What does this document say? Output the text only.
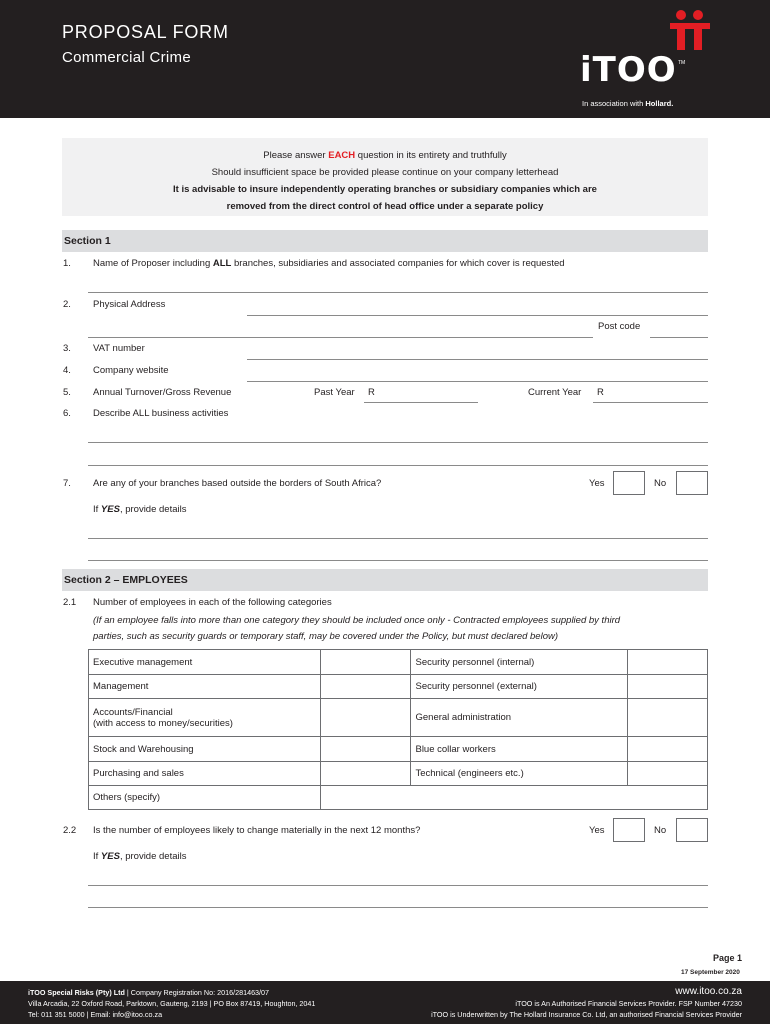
PROPOSAL FORM
Commercial Crime	iTOO TM
In association with Hollard.
Please answer EACH question in its entirety and truthfully
Should insufficient space be provided please continue on your company letterhead
It is advisable to insure independently operating branches or subsidiary companies which are
removed from the direct control of head office under a separate policy
Section 1
1. Name of Proposer including ALL branches, subsidiaries and associated companies for which cover is requested
2. Physical Address
Post code
3. VAT number
4. Company website
5. Annual Turnover/Gross Revenue	Past Year R	Current Year R
6. Describe ALL business activities
7. Are any of your branches based outside the borders of South Africa?	Yes	No
If YES, provide details
Section 2 – EMPLOYEES
2.1 Number of employees in each of the following categories
(If an employee falls into more than one category they should be included once only - Contracted employees supplied by third
parties, such as security guards or temporary staff, may be covered under the Policy, but must declared below)
Executive management		Security personnel (internal)	
Management		Security personnel (external)	

Accounts/Financial
(with access to money/securities)		General administration	
Stock and Warehousing		Blue collar workers	
Purchasing and sales		Technical (engineers etc.)	
Others (specify)			
2.2 Is the number of employees likely to change materially in the next 12 months?	Yes	No
If YES, provide details
Page 1
17 September 2020
iTOO Special Risks (Pty) Ltd | Company Registration No: 2016/281463/07
Villa Arcadia, 22 Oxford Road, Parktown, Gauteng, 2193 | PO Box 87419, Houghton, 2041
Tel: 011 351 5000 | Email: info@itoo.co.za
www.itoo.co.za
iTOO is An Authorised Financial Services Provider. FSP Number 47230
iTOO is Underwritten by The Hollard Insurance Co. Ltd, an authorised Financial Services Provider
